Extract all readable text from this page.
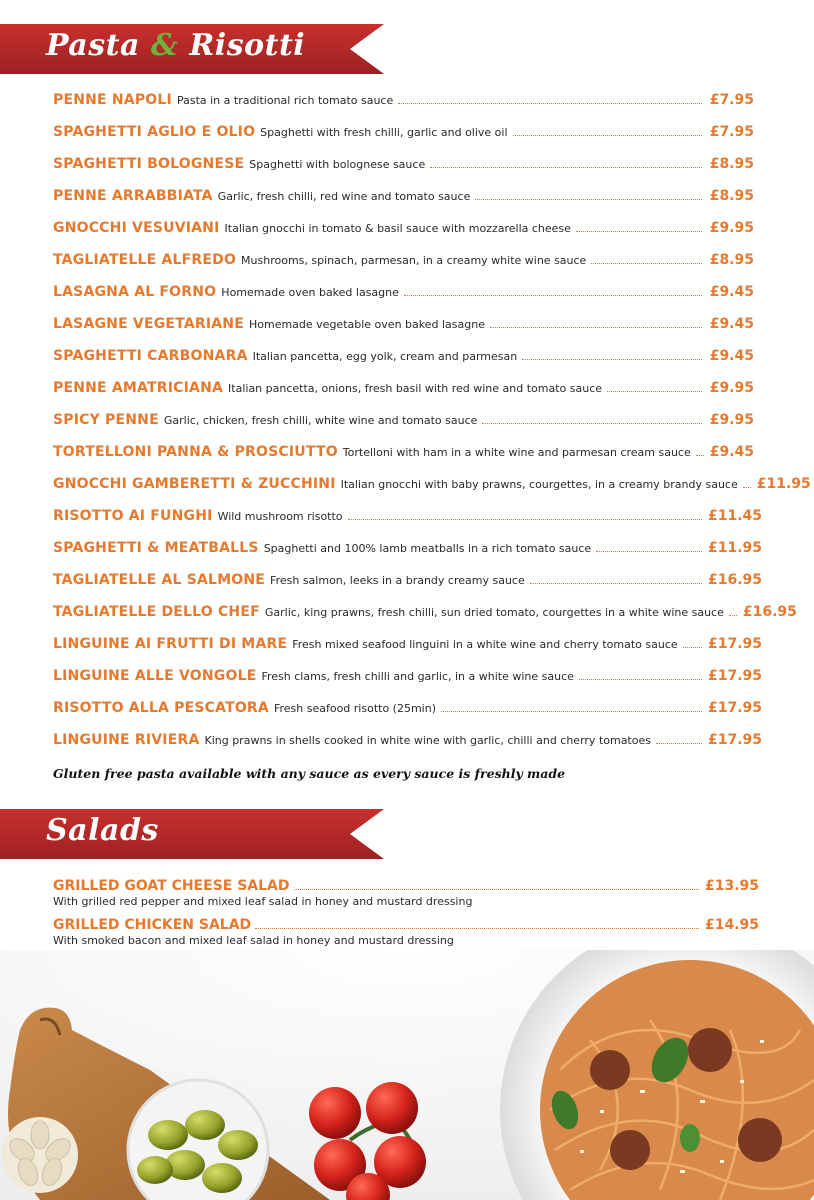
Pasta & Risotti
PENNE NAPOLI Pasta in a traditional rich tomato sauce	£7.95
SPAGHETTI AGLIO E OLIO Spaghetti with fresh chilli, garlic and olive oil	£7.95
SPAGHETTI BOLOGNESE Spaghetti with bolognese sauce	£8.95
PENNE ARRABBIATA Garlic, fresh chilli, red wine and tomato sauce	£8.95
GNOCCHI VESUVIANI Italian gnocchi in tomato & basil sauce with mozzarella cheese	£9.95
TAGLIATELLE ALFREDO Mushrooms, spinach, parmesan, in a creamy white wine sauce	£8.95
LASAGNA AL FORNO Homemade oven baked lasagne	£9.45
LASAGNE VEGETARIANE Homemade vegetable oven baked lasagne	£9.45
SPAGHETTI CARBONARA Italian pancetta, egg yolk, cream and parmesan	£9.45
PENNE AMATRICIANA Italian pancetta, onions, fresh basil with red wine and tomato sauce	£9.95
SPICY PENNE Garlic, chicken, fresh chilli, white wine and tomato sauce	£9.95
TORTELLONI PANNA & PROSCIUTTO Tortelloni with ham in a white wine and parmesan cream sauce £9.45
GNOCCHI GAMBERETTI & ZUCCHINI Italian gnocchi with baby prawns, courgettes, in a creamy brandy sauce £11.95
RISOTTO AI FUNGHI Wild mushroom risotto	£11.45
SPAGHETTI & MEATBALLS Spaghetti and 100% lamb meatballs in a rich tomato sauce	£11.95
TAGLIATELLE AL SALMONE Fresh salmon, leeks in a brandy creamy sauce	£16.95
TAGLIATELLE DELLO CHEF Garlic, king prawns, fresh chilli, sun dried tomato, courgettes in a white wine sauce £16.95
LINGUINE AI FRUTTI DI MARE Fresh mixed seafood linguini in a white wine and cherry tomato sauce £17.95
LINGUINE ALLE VONGOLE Fresh clams, fresh chilli and garlic, in a white wine sauce	£17.95
RISOTTO ALLA PESCATORA Fresh seafood risotto (25min)	£17.95
LINGUINE RIVIERA King prawns in shells cooked in white wine with garlic, chilli and cherry tomatoes	£17.95
Gluten free pasta available with any sauce as every sauce is freshly made
Salads
GRILLED GOAT CHEESE SALAD	£13.95
With grilled red pepper and mixed leaf salad in honey and mustard dressing
GRILLED CHICKEN SALAD	£14.95
With smoked bacon and mixed leaf salad in honey and mustard dressing
